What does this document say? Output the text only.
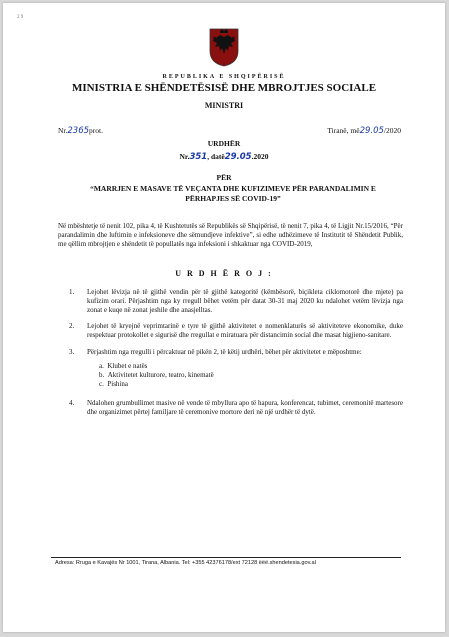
2 9
REPUBLIKA E SHQIPËRISË
MINISTRIA E SHËNDETËSISË DHE MBROJTJES SOCIALE
MINISTRI
Nr.2365prot.	Tiranë, më29.05/2020
URDHËR
Nr.351, datë29.05.2020
PËR
“MARRJEN E MASAVE TË VEÇANTA DHE KUFIZIMEVE PËR PARANDALIMIN E PËRHAPJES SË COVID-19”
Në mbështetje të nenit 102, pika 4, të Kushtetutës së Republikës së Shqipërisë, të nenit 7, pika 4, të Ligjit Nr.15/2016, “Për parandalimin dhe luftimin e infeksioneve dhe sëmundjeve infektive”, si edhe udhëzimeve të Institutit të Shëndetit Publik, me qëllim mbrojtjen e shëndetit të popullatës nga infeksioni i shkaktuar nga COVID-2019,
U R D H Ë R O J :
1. Lejohet lëvizja në të gjithë vendin për të gjithë kategoritë (këmbësorë, biçikleta ciklomotorë dhe mjete) pa kufizim orari. Përjashtim nga ky rregull bëhet vetëm për datat 30-31 maj 2020 ku ndalohet vetëm lëvizja nga zonat e kuqe në zonat jeshile dhe anasjelltas.
2. Lejohet të kryejnë veprimtarinë e tyre të gjithë aktivitetet e nomenklaturës së aktiviteteve ekonomike, duke respektuar protokollet e sigurisë dhe rregullat e miratuara për distancimin social dhe masat higjieno-sanitare.
3. Përjashtim nga rregulli i përcaktuar në pikën 2, të këtij urdhëri, bëhet për aktivitetet e mëposhtme:
a. Klubet e natës
b. Aktivitetet kulturore, teatro, kinematë
c. Pishina
4. Ndalohen grumbullimet masive në vende të mbyllura apo të hapura, konferencat, tubimet, ceremonitë martesore dhe organizimet përtej familjare të ceremonive mortore deri në një urdhër të dytë.
Adresa: Rruga e Kavajës Nr 1001, Tirana, Albania. Tel: +355 42376178/ext 72128 ëëë.shendetesia.gov.al
